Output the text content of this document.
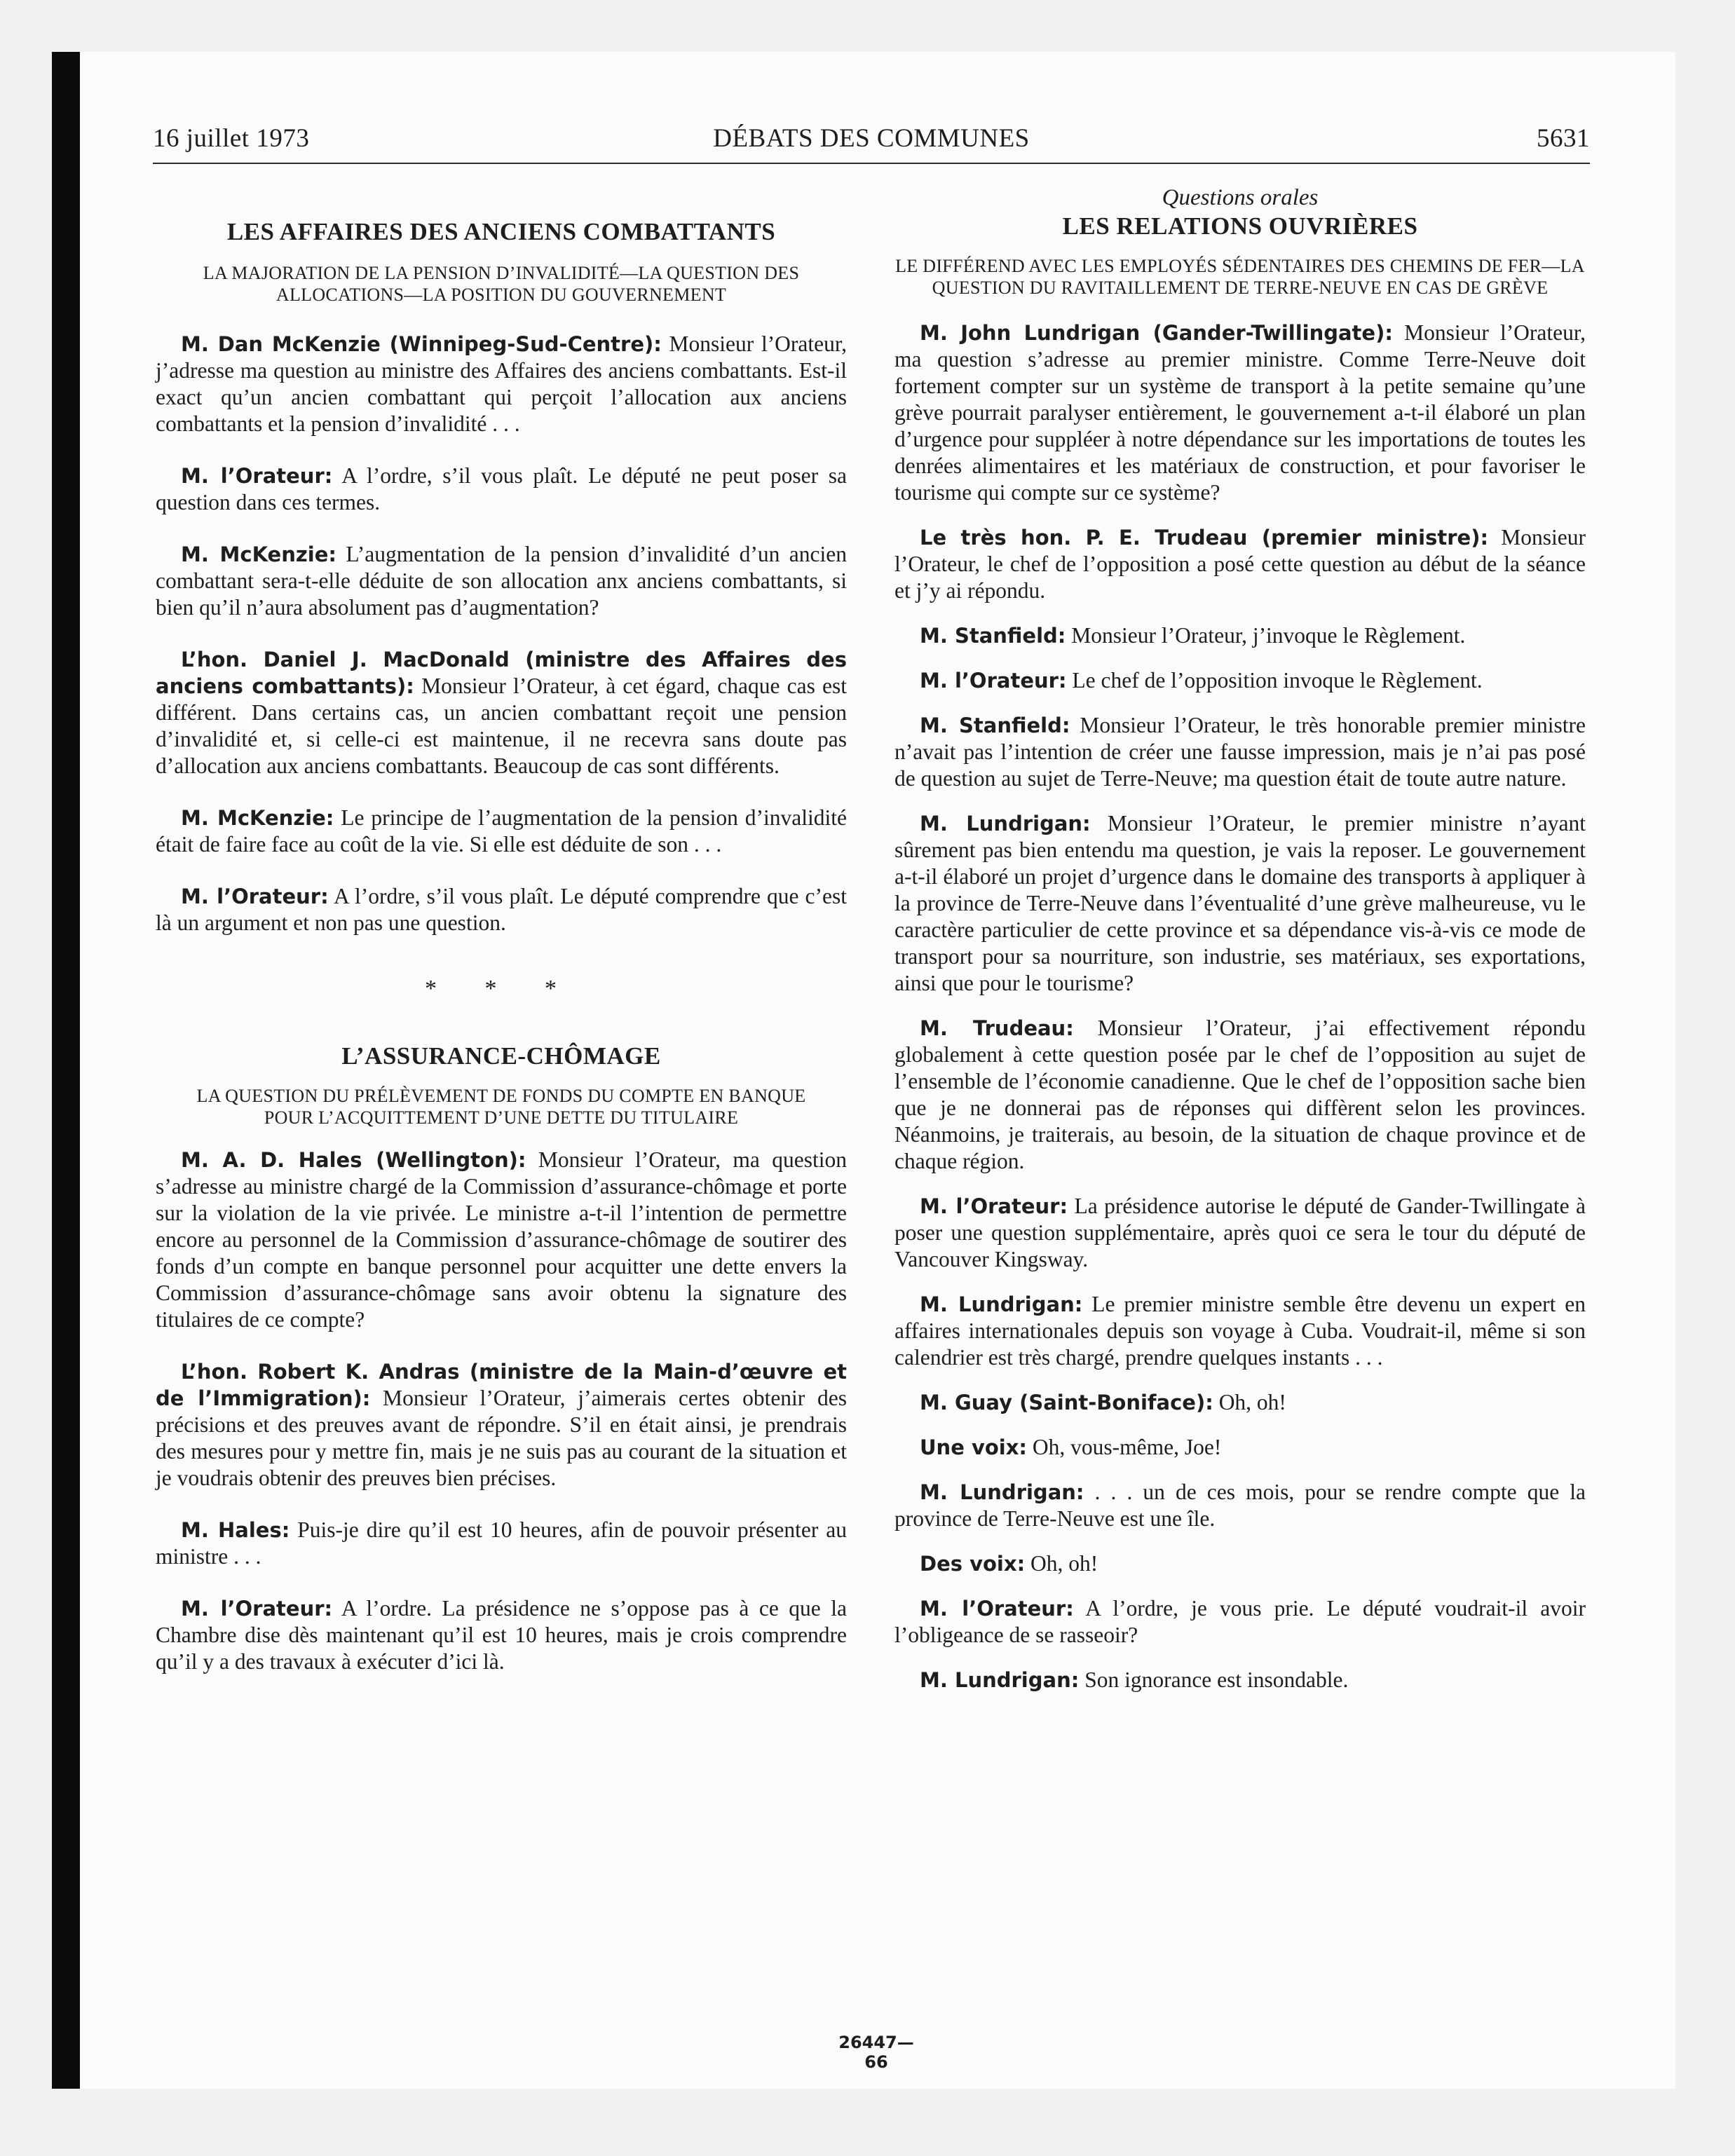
DÉBATS DES COMMUNES
16 juillet 1973	5631
LES AFFAIRES DES ANCIENS COMBATTANTS
LA MAJORATION DE LA PENSION D’INVALIDITÉ—LA QUESTION DES ALLOCATIONS—LA POSITION DU GOUVERNEMENT

M. Dan McKenzie (Winnipeg-Sud-Centre): Monsieur l’Orateur, j’adresse ma question au ministre des Affaires des anciens combattants. Est-il exact qu’un ancien combattant qui perçoit l’allocation aux anciens combattants et la pension d’invalidité . . .

M. l’Orateur: A l’ordre, s’il vous plaît. Le député ne peut poser sa question dans ces termes.

M. McKenzie: L’augmentation de la pension d’invalidité d’un ancien combattant sera-t-elle déduite de son allocation anx anciens combattants, si bien qu’il n’aura absolument pas d’augmentation?

L’hon. Daniel J. MacDonald (ministre des Affaires des anciens combattants): Monsieur l’Orateur, à cet égard, chaque cas est différent. Dans certains cas, un ancien combattant reçoit une pension d’invalidité et, si celle-ci est maintenue, il ne recevra sans doute pas d’allocation aux anciens combattants. Beaucoup de cas sont différents.

M. McKenzie: Le principe de l’augmentation de la pension d’invalidité était de faire face au coût de la vie. Si elle est déduite de son . . .

M. l’Orateur: A l’ordre, s’il vous plaît. Le député comprendre que c’est là un argument et non pas une question.

* * *
L’ASSURANCE-CHÔMAGE
LA QUESTION DU PRÉLÈVEMENT DE FONDS DU COMPTE EN BANQUE POUR L’ACQUITTEMENT D’UNE DETTE DU TITULAIRE

M. A. D. Hales (Wellington): Monsieur l’Orateur, ma question s’adresse au ministre chargé de la Commission d’assurance-chômage et porte sur la violation de la vie privée. Le ministre a-t-il l’intention de permettre encore au personnel de la Commission d’assurance-chômage de soutirer des fonds d’un compte en banque personnel pour acquitter une dette envers la Commission d’assurance-chômage sans avoir obtenu la signature des titulaires de ce compte?

L’hon. Robert K. Andras (ministre de la Main-d’œuvre et de l’Immigration): Monsieur l’Orateur, j’aimerais certes obtenir des précisions et des preuves avant de répondre. S’il en était ainsi, je prendrais des mesures pour y mettre fin, mais je ne suis pas au courant de la situation et je voudrais obtenir des preuves bien précises.

M. Hales: Puis-je dire qu’il est 10 heures, afin de pouvoir présenter au ministre . . .

M. l’Orateur: A l’ordre. La présidence ne s’oppose pas à ce que la Chambre dise dès maintenant qu’il est 10 heures, mais je crois comprendre qu’il y a des travaux à exécuter d’ici là.

Questions orales
LES RELATIONS OUVRIÈRES
LE DIFFÉREND AVEC LES EMPLOYÉS SÉDENTAIRES DES CHEMINS DE FER—LA QUESTION DU RAVITAILLEMENT DE TERRE-NEUVE EN CAS DE GRÈVE

M. John Lundrigan (Gander-Twillingate): Monsieur l’Orateur, ma question s’adresse au premier ministre. Comme Terre-Neuve doit fortement compter sur un système de transport à la petite semaine qu’une grève pourrait paralyser entièrement, le gouvernement a-t-il élaboré un plan d’urgence pour suppléer à notre dépendance sur les importations de toutes les denrées alimentaires et les matériaux de construction, et pour favoriser le tourisme qui compte sur ce système?

Le très hon. P. E. Trudeau (premier ministre): Monsieur l’Orateur, le chef de l’opposition a posé cette question au début de la séance et j’y ai répondu.

M. Stanfield: Monsieur l’Orateur, j’invoque le Règlement.

M. l’Orateur: Le chef de l’opposition invoque le Règlement.

M. Stanfield: Monsieur l’Orateur, le très honorable premier ministre n’avait pas l’intention de créer une fausse impression, mais je n’ai pas posé de question au sujet de Terre-Neuve; ma question était de toute autre nature.

M. Lundrigan: Monsieur l’Orateur, le premier ministre n’ayant sûrement pas bien entendu ma question, je vais la reposer. Le gouvernement a-t-il élaboré un projet d’urgence dans le domaine des transports à appliquer à la province de Terre-Neuve dans l’éventualité d’une grève malheureuse, vu le caractère particulier de cette province et sa dépendance vis-à-vis ce mode de transport pour sa nourriture, son industrie, ses matériaux, ses exportations, ainsi que pour le tourisme?

M. Trudeau: Monsieur l’Orateur, j’ai effectivement répondu globalement à cette question posée par le chef de l’opposition au sujet de l’ensemble de l’économie canadienne. Que le chef de l’opposition sache bien que je ne donnerai pas de réponses qui diffèrent selon les provinces. Néanmoins, je traiterais, au besoin, de la situation de chaque province et de chaque région.

M. l’Orateur: La présidence autorise le député de Gander-Twillingate à poser une question supplémentaire, après quoi ce sera le tour du député de Vancouver Kingsway.

M. Lundrigan: Le premier ministre semble être devenu un expert en affaires internationales depuis son voyage à Cuba. Voudrait-il, même si son calendrier est très chargé, prendre quelques instants . . .

M. Guay (Saint-Boniface): Oh, oh!

Une voix: Oh, vous-même, Joe!

M. Lundrigan: . . . un de ces mois, pour se rendre compte que la province de Terre-Neuve est une île.

Des voix: Oh, oh!

M. l’Orateur: A l’ordre, je vous prie. Le député voudrait-il avoir l’obligeance de se rasseoir?

M. Lundrigan: Son ignorance est insondable.

26447—66
